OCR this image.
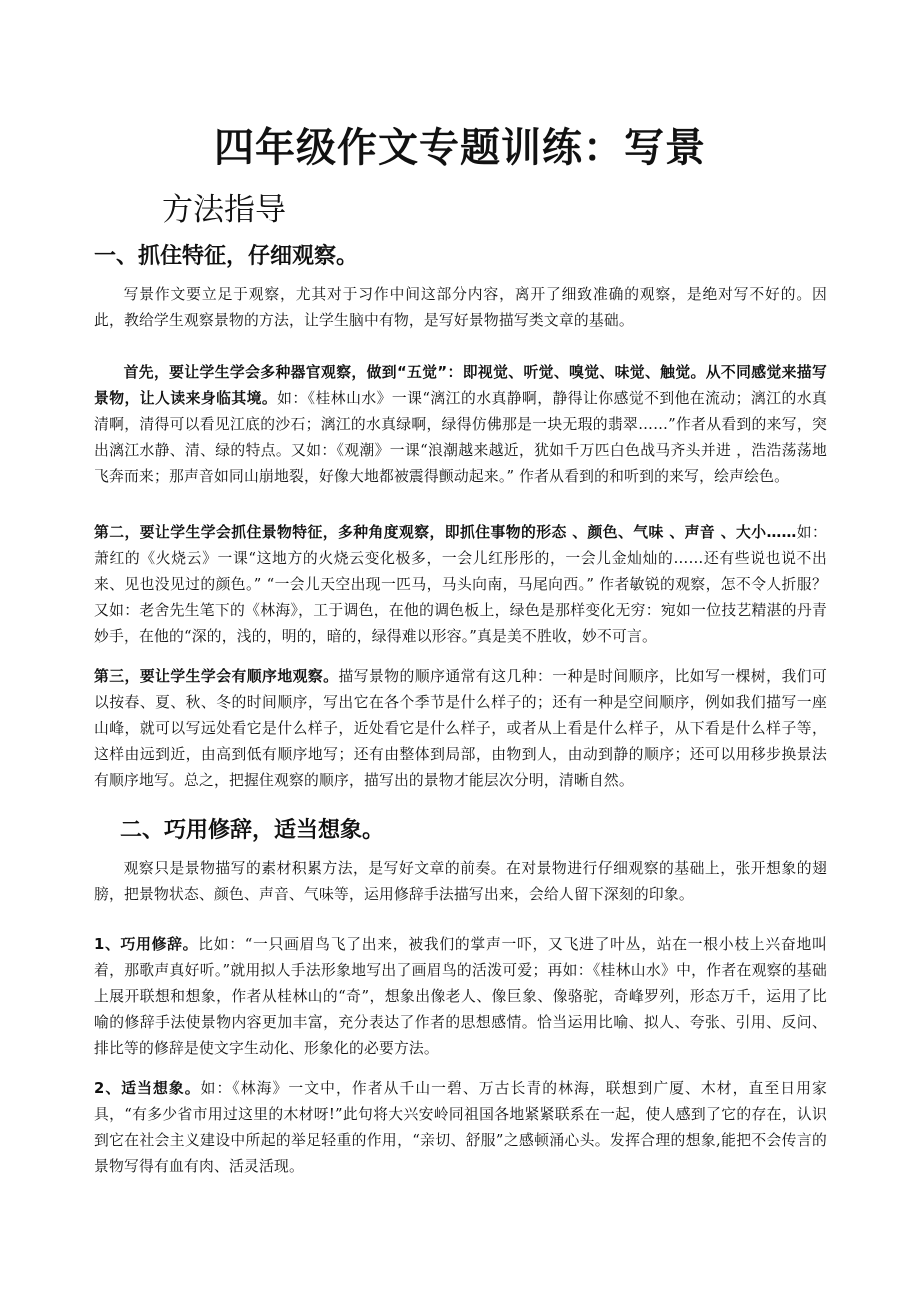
四年级作文专题训练：写景
方法指导
一、抓住特征，仔细观察。

写景作文要立足于观察，尤其对于习作中间这部分内容，离开了细致准确的观察，是绝对写不好的。因此，教给学生观察景物的方法，让学生脑中有物，是写好景物描写类文章的基础。

首先，要让学生学会多种器官观察，做到“五觉”：即视觉、听觉、嗅觉、味觉、触觉。从不同感觉来描写景物，让人读来身临其境。如：《桂林山水》一课“漓江的水真静啊，静得让你感觉不到他在流动；漓江的水真清啊，清得可以看见江底的沙石；漓江的水真绿啊，绿得仿佛那是一块无瑕的翡翠……”作者从看到的来写，突出漓江水静、清、绿的特点。又如：《观潮》一课“浪潮越来越近，犹如千万匹白色战马齐头并进 ，浩浩荡荡地飞奔而来；那声音如同山崩地裂，好像大地都被震得颤动起来。” 作者从看到的和听到的来写，绘声绘色。

第二，要让学生学会抓住景物特征，多种角度观察，即抓住事物的形态 、颜色、气味 、声音 、大小……如：萧红的《火烧云》一课“这地方的火烧云变化极多，一会儿红彤彤的，一会儿金灿灿的……还有些说也说不出来、见也没见过的颜色。” “一会儿天空出现一匹马，马头向南，马尾向西。” 作者敏锐的观察，怎不令人折服？ 又如：老舍先生笔下的《林海》，工于调色，在他的调色板上，绿色是那样变化无穷：宛如一位技艺精湛的丹青妙手，在他的“深的，浅的，明的，暗的，绿得难以形容。”真是美不胜收，妙不可言。

第三，要让学生学会有顺序地观察。描写景物的顺序通常有这几种：一种是时间顺序，比如写一棵树，我们可以按春、夏、秋、冬的时间顺序，写出它在各个季节是什么样子的；还有一种是空间顺序，例如我们描写一座山峰，就可以写远处看它是什么样子，近处看它是什么样子，或者从上看是什么样子，从下看是什么样子等，这样由远到近，由高到低有顺序地写；还有由整体到局部，由物到人，由动到静的顺序；还可以用移步换景法有顺序地写。总之，把握住观察的顺序，描写出的景物才能层次分明，清晰自然。

二、巧用修辞，适当想象。

观察只是景物描写的素材积累方法，是写好文章的前奏。在对景物进行仔细观察的基础上，张开想象的翅膀，把景物状态、颜色、声音、气味等，运用修辞手法描写出来，会给人留下深刻的印象。

1、巧用修辞。比如：“一只画眉鸟飞了出来，被我们的掌声一吓，又飞进了叶丛，站在一根小枝上兴奋地叫着，那歌声真好听。”就用拟人手法形象地写出了画眉鸟的活泼可爱；再如：《桂林山水》中，作者在观察的基础上展开联想和想象，作者从桂林山的“奇”，想象出像老人、像巨象、像骆驼，奇峰罗列，形态万千，运用了比喻的修辞手法使景物内容更加丰富，充分表达了作者的思想感情。恰当运用比喻、拟人、夸张、引用、反问、排比等的修辞是使文字生动化、形象化的必要方法。

2、适当想象。如：《林海》一文中，作者从千山一碧、万古长青的林海，联想到广厦、木材，直至日用家具，“有多少省市用过这里的木材呀!”此句将大兴安岭同祖国各地紧紧联系在一起，使人感到了它的存在，认识到它在社会主义建设中所起的举足轻重的作用，“亲切、舒服”之感顿涌心头。发挥合理的想象,能把不会传言的景物写得有血有肉、活灵活现。
